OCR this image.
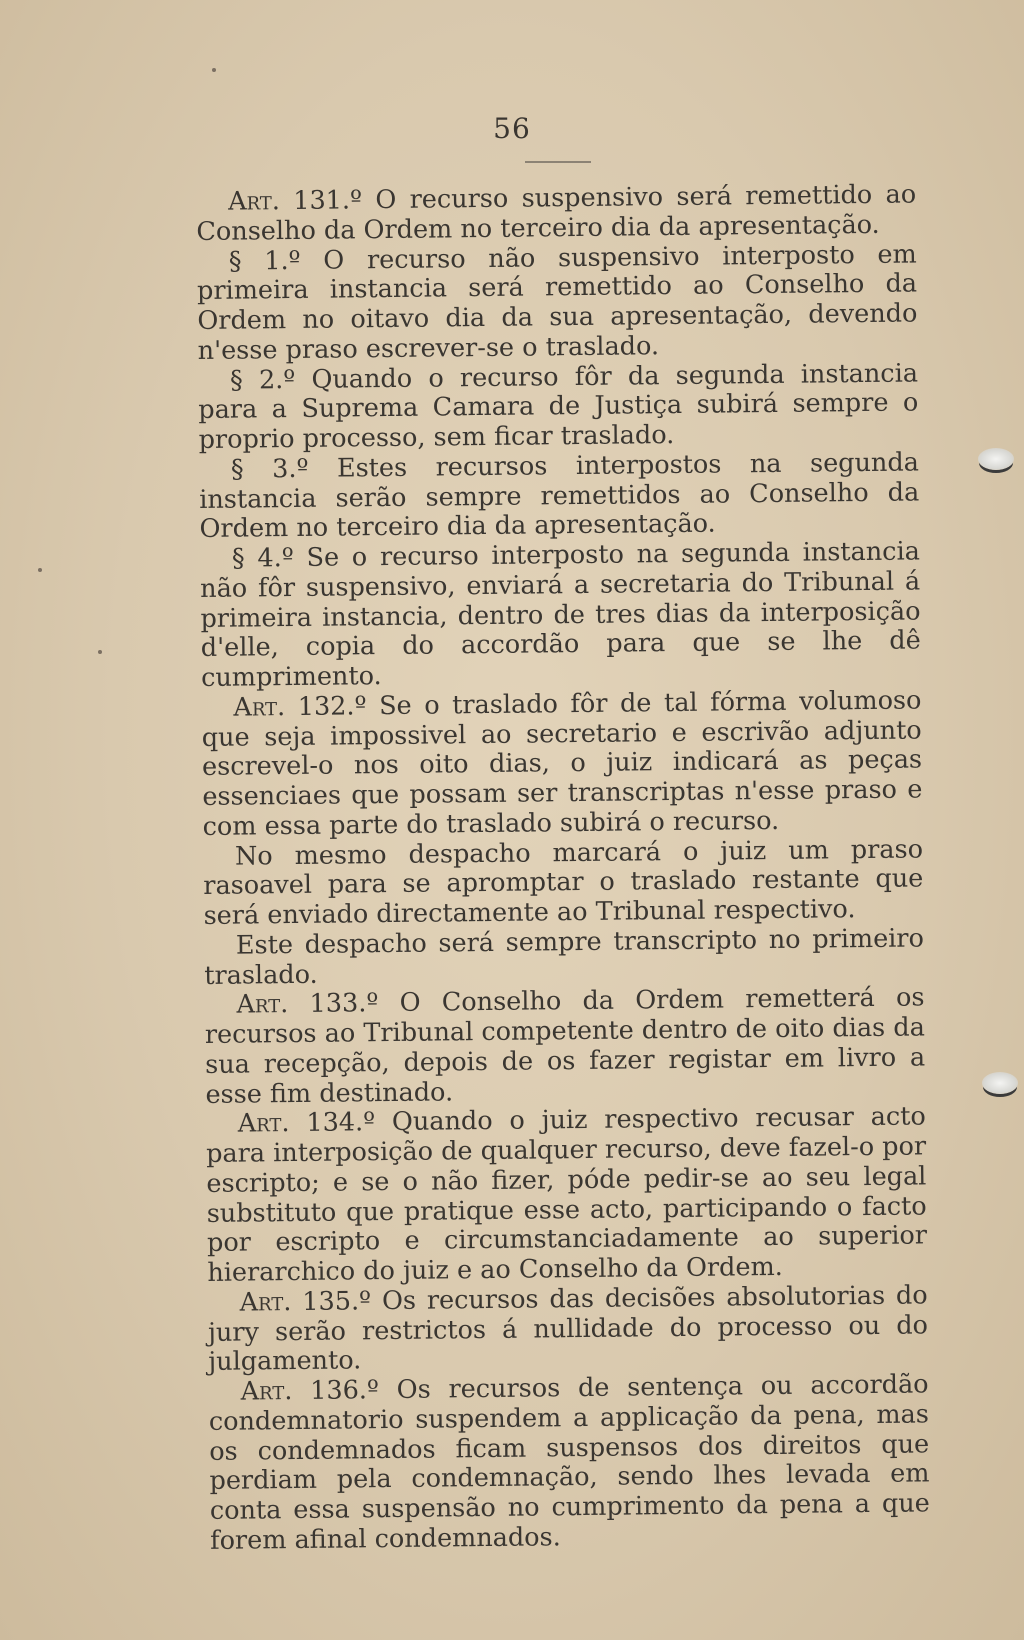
56

Art. 131.º O recurso suspensivo será remettido ao Conselho da Ordem no terceiro dia da apresentação.

§ 1.º O recurso não suspensivo interposto em primeira instancia será remettido ao Conselho da Ordem no oitavo dia da sua apresentação, devendo n'esse praso escrever-se o traslado.

§ 2.º Quando o recurso fôr da segunda instancia para a Suprema Camara de Justiça subirá sempre o proprio processo, sem ficar traslado.

§ 3.º Estes recursos interpostos na segunda instancia serão sempre remettidos ao Conselho da Ordem no terceiro dia da apresentação.

§ 4.º Se o recurso interposto na segunda instancia não fôr suspensivo, enviará a secretaria do Tribunal á primeira instancia, dentro de tres dias da interposição d'elle, copia do accordão para que se lhe dê cumprimento.

Art. 132.º Se o traslado fôr de tal fórma volumoso que seja impossivel ao secretario e escrivão adjunto escrevel-o nos oito dias, o juiz indicará as peças essenciaes que possam ser transcriptas n'esse praso e com essa parte do traslado subirá o recurso.

No mesmo despacho marcará o juiz um praso rasoavel para se apromptar o traslado restante que será enviado directamente ao Tribunal respectivo.

Este despacho será sempre transcripto no primeiro traslado.

Art. 133.º O Conselho da Ordem remetterá os recursos ao Tribunal competente dentro de oito dias da sua recepção, depois de os fazer registar em livro a esse fim destinado.

Art. 134.º Quando o juiz respectivo recusar acto para interposição de qualquer recurso, deve fazel-o por escripto; e se o não fizer, póde pedir-se ao seu legal substituto que pratique esse acto, participando o facto por escripto e circumstanciadamente ao superior hierarchico do juiz e ao Conselho da Ordem.

Art. 135.º Os recursos das decisões absolutorias do jury serão restrictos á nullidade do processo ou do julgamento.

Art. 136.º Os recursos de sentença ou accordão condemnatorio suspendem a applicação da pena, mas os condemnados ficam suspensos dos direitos que perdiam pela condemnação, sendo lhes levada em conta essa suspensão no cumprimento da pena a que forem afinal condemnados.
